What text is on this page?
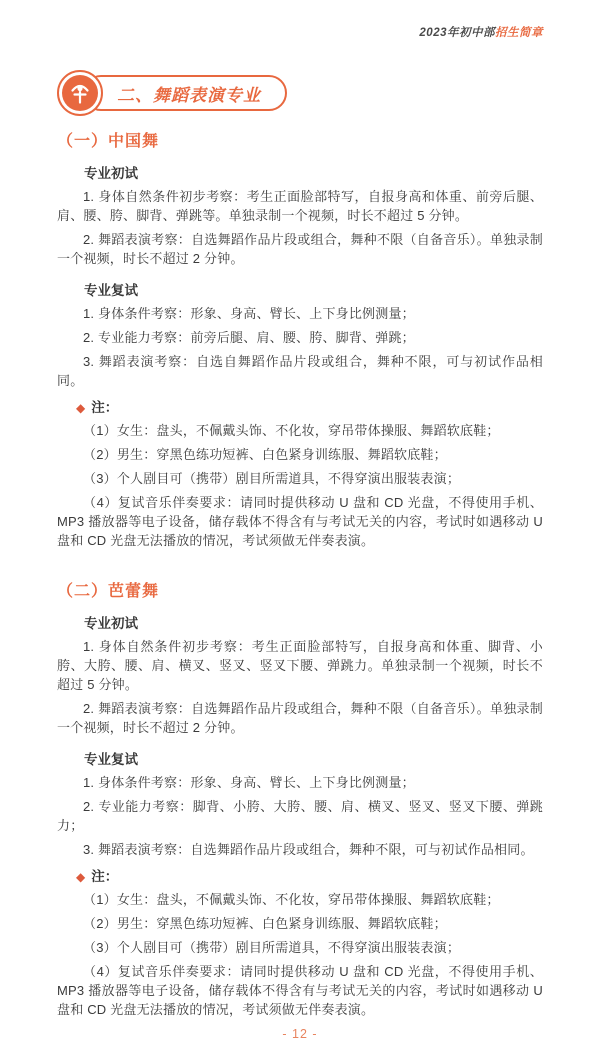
2023年初中部招生简章
二、舞蹈表演专业
（一）中国舞
专业初试

1. 身体自然条件初步考察：考生正面脸部特写，自报身高和体重、前旁后腿、肩、腰、胯、脚背、弹跳等。单独录制一个视频，时长不超过 5 分钟。

2. 舞蹈表演考察：自选舞蹈作品片段或组合，舞种不限（自备音乐）。单独录制一个视频，时长不超过 2 分钟。

专业复试

1. 身体条件考察：形象、身高、臂长、上下身比例测量；

2. 专业能力考察：前旁后腿、肩、腰、胯、脚背、弹跳；

3. 舞蹈表演考察：自选自舞蹈作品片段或组合，舞种不限，可与初试作品相同。

◆ 注：

（1）女生：盘头，不佩戴头饰、不化妆，穿吊带体操服、舞蹈软底鞋；

（2）男生：穿黑色练功短裤、白色紧身训练服、舞蹈软底鞋；

（3）个人剧目可（携带）剧目所需道具，不得穿演出服装表演；

（4）复试音乐伴奏要求：请同时提供移动 U 盘和 CD 光盘，不得使用手机、MP3 播放器等电子设备，储存载体不得含有与考试无关的内容，考试时如遇移动 U 盘和 CD 光盘无法播放的情况，考试须做无伴奏表演。

（二）芭蕾舞
专业初试

1. 身体自然条件初步考察：考生正面脸部特写，自报身高和体重、脚背、小胯、大胯、腰、肩、横叉、竖叉、竖叉下腰、弹跳力。单独录制一个视频，时长不超过 5 分钟。

2. 舞蹈表演考察：自选舞蹈作品片段或组合，舞种不限（自备音乐）。单独录制一个视频，时长不超过 2 分钟。

专业复试

1. 身体条件考察：形象、身高、臂长、上下身比例测量；

2. 专业能力考察：脚背、小胯、大胯、腰、肩、横叉、竖叉、竖叉下腰、弹跳力；

3. 舞蹈表演考察：自选舞蹈作品片段或组合，舞种不限，可与初试作品相同。

◆ 注：

（1）女生：盘头，不佩戴头饰、不化妆，穿吊带体操服、舞蹈软底鞋；

（2）男生：穿黑色练功短裤、白色紧身训练服、舞蹈软底鞋；

（3）个人剧目可（携带）剧目所需道具，不得穿演出服装表演；

（4）复试音乐伴奏要求：请同时提供移动 U 盘和 CD 光盘，不得使用手机、MP3 播放器等电子设备，储存载体不得含有与考试无关的内容，考试时如遇移动 U 盘和 CD 光盘无法播放的情况，考试须做无伴奏表演。

- 12 -
